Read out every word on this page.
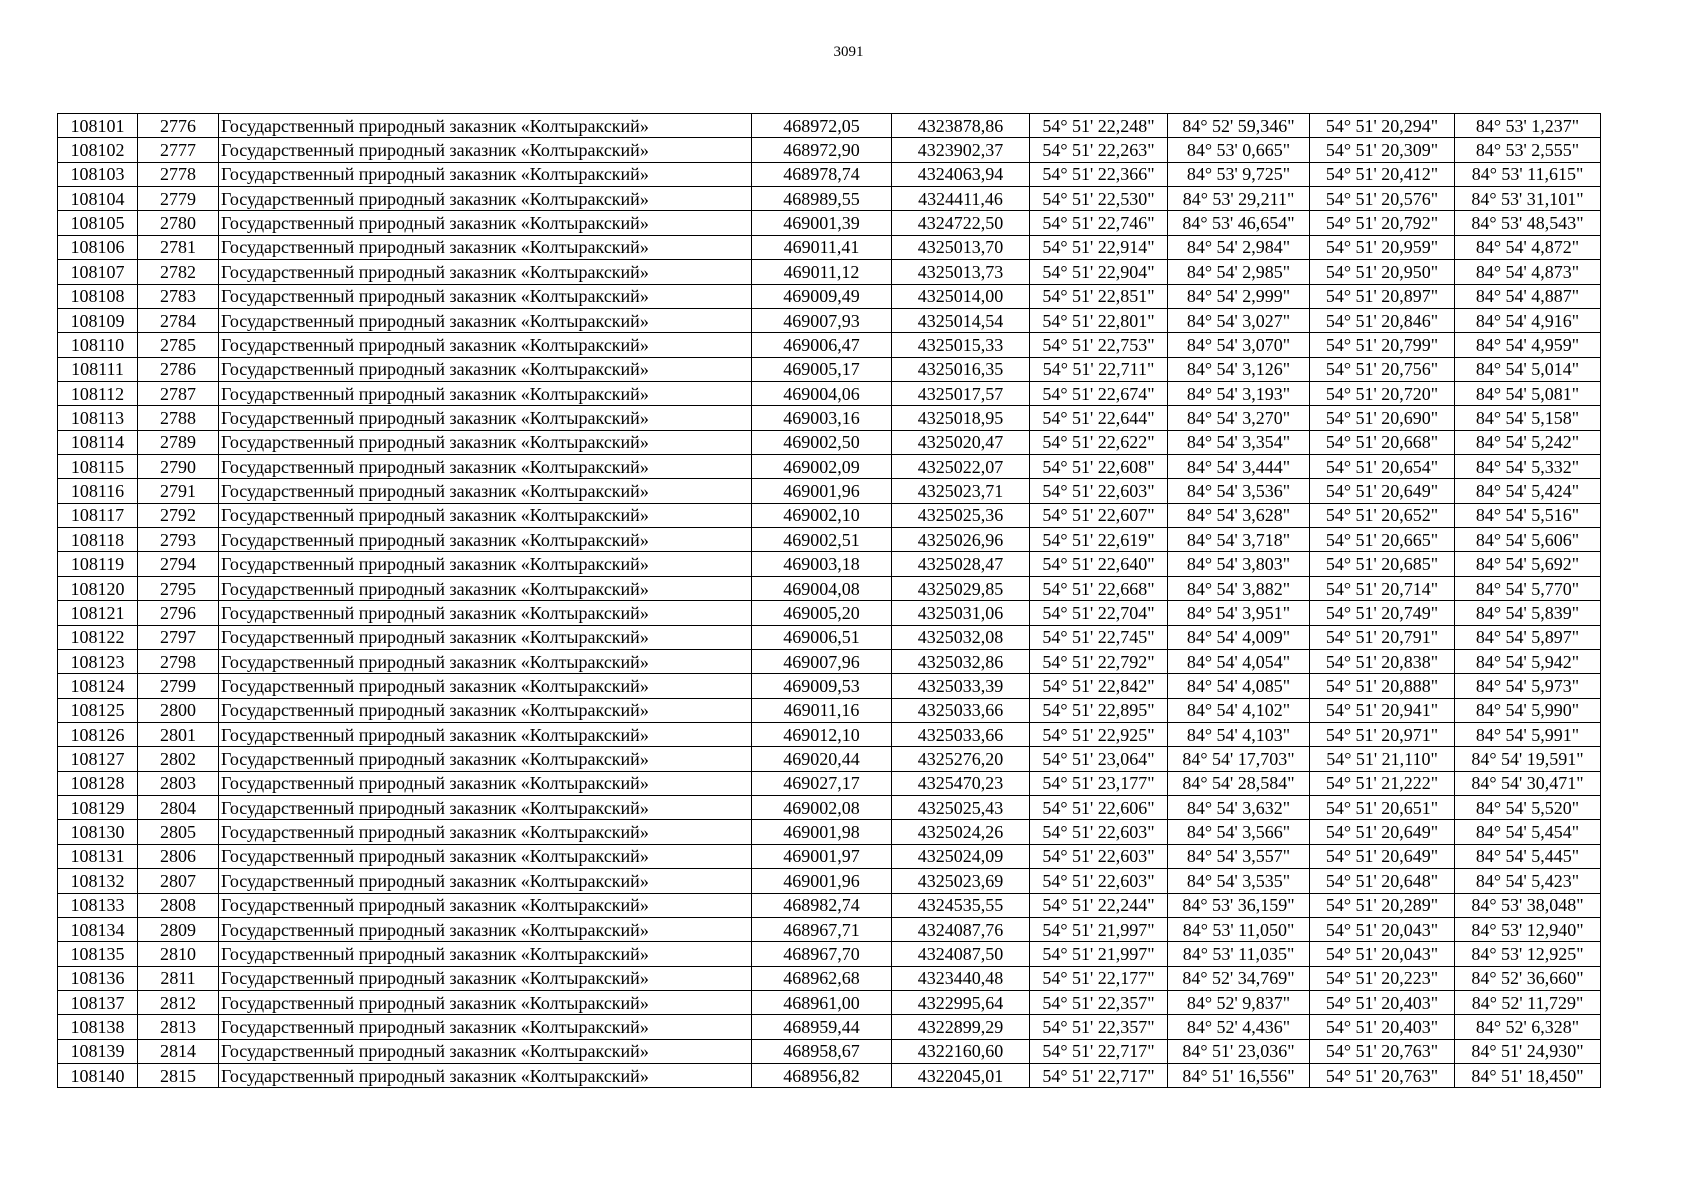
3091
108101	2776	Государственный природный заказник «Колтыракский»	468972,05	4323878,86	54° 51' 22,248"	84° 52' 59,346"	54° 51' 20,294"	84° 53' 1,237"
108102	2777	Государственный природный заказник «Колтыракский»	468972,90	4323902,37	54° 51' 22,263"	84° 53' 0,665"	54° 51' 20,309"	84° 53' 2,555"
108103	2778	Государственный природный заказник «Колтыракский»	468978,74	4324063,94	54° 51' 22,366"	84° 53' 9,725"	54° 51' 20,412"	84° 53' 11,615"
108104	2779	Государственный природный заказник «Колтыракский»	468989,55	4324411,46	54° 51' 22,530"	84° 53' 29,211"	54° 51' 20,576"	84° 53' 31,101"
108105	2780	Государственный природный заказник «Колтыракский»	469001,39	4324722,50	54° 51' 22,746"	84° 53' 46,654"	54° 51' 20,792"	84° 53' 48,543"
108106	2781	Государственный природный заказник «Колтыракский»	469011,41	4325013,70	54° 51' 22,914"	84° 54' 2,984"	54° 51' 20,959"	84° 54' 4,872"
108107	2782	Государственный природный заказник «Колтыракский»	469011,12	4325013,73	54° 51' 22,904"	84° 54' 2,985"	54° 51' 20,950"	84° 54' 4,873"
108108	2783	Государственный природный заказник «Колтыракский»	469009,49	4325014,00	54° 51' 22,851"	84° 54' 2,999"	54° 51' 20,897"	84° 54' 4,887"
108109	2784	Государственный природный заказник «Колтыракский»	469007,93	4325014,54	54° 51' 22,801"	84° 54' 3,027"	54° 51' 20,846"	84° 54' 4,916"
108110	2785	Государственный природный заказник «Колтыракский»	469006,47	4325015,33	54° 51' 22,753"	84° 54' 3,070"	54° 51' 20,799"	84° 54' 4,959"
108111	2786	Государственный природный заказник «Колтыракский»	469005,17	4325016,35	54° 51' 22,711"	84° 54' 3,126"	54° 51' 20,756"	84° 54' 5,014"
108112	2787	Государственный природный заказник «Колтыракский»	469004,06	4325017,57	54° 51' 22,674"	84° 54' 3,193"	54° 51' 20,720"	84° 54' 5,081"
108113	2788	Государственный природный заказник «Колтыракский»	469003,16	4325018,95	54° 51' 22,644"	84° 54' 3,270"	54° 51' 20,690"	84° 54' 5,158"
108114	2789	Государственный природный заказник «Колтыракский»	469002,50	4325020,47	54° 51' 22,622"	84° 54' 3,354"	54° 51' 20,668"	84° 54' 5,242"
108115	2790	Государственный природный заказник «Колтыракский»	469002,09	4325022,07	54° 51' 22,608"	84° 54' 3,444"	54° 51' 20,654"	84° 54' 5,332"
108116	2791	Государственный природный заказник «Колтыракский»	469001,96	4325023,71	54° 51' 22,603"	84° 54' 3,536"	54° 51' 20,649"	84° 54' 5,424"
108117	2792	Государственный природный заказник «Колтыракский»	469002,10	4325025,36	54° 51' 22,607"	84° 54' 3,628"	54° 51' 20,652"	84° 54' 5,516"
108118	2793	Государственный природный заказник «Колтыракский»	469002,51	4325026,96	54° 51' 22,619"	84° 54' 3,718"	54° 51' 20,665"	84° 54' 5,606"
108119	2794	Государственный природный заказник «Колтыракский»	469003,18	4325028,47	54° 51' 22,640"	84° 54' 3,803"	54° 51' 20,685"	84° 54' 5,692"
108120	2795	Государственный природный заказник «Колтыракский»	469004,08	4325029,85	54° 51' 22,668"	84° 54' 3,882"	54° 51' 20,714"	84° 54' 5,770"
108121	2796	Государственный природный заказник «Колтыракский»	469005,20	4325031,06	54° 51' 22,704"	84° 54' 3,951"	54° 51' 20,749"	84° 54' 5,839"
108122	2797	Государственный природный заказник «Колтыракский»	469006,51	4325032,08	54° 51' 22,745"	84° 54' 4,009"	54° 51' 20,791"	84° 54' 5,897"
108123	2798	Государственный природный заказник «Колтыракский»	469007,96	4325032,86	54° 51' 22,792"	84° 54' 4,054"	54° 51' 20,838"	84° 54' 5,942"
108124	2799	Государственный природный заказник «Колтыракский»	469009,53	4325033,39	54° 51' 22,842"	84° 54' 4,085"	54° 51' 20,888"	84° 54' 5,973"
108125	2800	Государственный природный заказник «Колтыракский»	469011,16	4325033,66	54° 51' 22,895"	84° 54' 4,102"	54° 51' 20,941"	84° 54' 5,990"
108126	2801	Государственный природный заказник «Колтыракский»	469012,10	4325033,66	54° 51' 22,925"	84° 54' 4,103"	54° 51' 20,971"	84° 54' 5,991"
108127	2802	Государственный природный заказник «Колтыракский»	469020,44	4325276,20	54° 51' 23,064"	84° 54' 17,703"	54° 51' 21,110"	84° 54' 19,591"
108128	2803	Государственный природный заказник «Колтыракский»	469027,17	4325470,23	54° 51' 23,177"	84° 54' 28,584"	54° 51' 21,222"	84° 54' 30,471"
108129	2804	Государственный природный заказник «Колтыракский»	469002,08	4325025,43	54° 51' 22,606"	84° 54' 3,632"	54° 51' 20,651"	84° 54' 5,520"
108130	2805	Государственный природный заказник «Колтыракский»	469001,98	4325024,26	54° 51' 22,603"	84° 54' 3,566"	54° 51' 20,649"	84° 54' 5,454"
108131	2806	Государственный природный заказник «Колтыракский»	469001,97	4325024,09	54° 51' 22,603"	84° 54' 3,557"	54° 51' 20,649"	84° 54' 5,445"
108132	2807	Государственный природный заказник «Колтыракский»	469001,96	4325023,69	54° 51' 22,603"	84° 54' 3,535"	54° 51' 20,648"	84° 54' 5,423"
108133	2808	Государственный природный заказник «Колтыракский»	468982,74	4324535,55	54° 51' 22,244"	84° 53' 36,159"	54° 51' 20,289"	84° 53' 38,048"
108134	2809	Государственный природный заказник «Колтыракский»	468967,71	4324087,76	54° 51' 21,997"	84° 53' 11,050"	54° 51' 20,043"	84° 53' 12,940"
108135	2810	Государственный природный заказник «Колтыракский»	468967,70	4324087,50	54° 51' 21,997"	84° 53' 11,035"	54° 51' 20,043"	84° 53' 12,925"
108136	2811	Государственный природный заказник «Колтыракский»	468962,68	4323440,48	54° 51' 22,177"	84° 52' 34,769"	54° 51' 20,223"	84° 52' 36,660"
108137	2812	Государственный природный заказник «Колтыракский»	468961,00	4322995,64	54° 51' 22,357"	84° 52' 9,837"	54° 51' 20,403"	84° 52' 11,729"
108138	2813	Государственный природный заказник «Колтыракский»	468959,44	4322899,29	54° 51' 22,357"	84° 52' 4,436"	54° 51' 20,403"	84° 52' 6,328"
108139	2814	Государственный природный заказник «Колтыракский»	468958,67	4322160,60	54° 51' 22,717"	84° 51' 23,036"	54° 51' 20,763"	84° 51' 24,930"
108140	2815	Государственный природный заказник «Колтыракский»	468956,82	4322045,01	54° 51' 22,717"	84° 51' 16,556"	54° 51' 20,763"	84° 51' 18,450"
